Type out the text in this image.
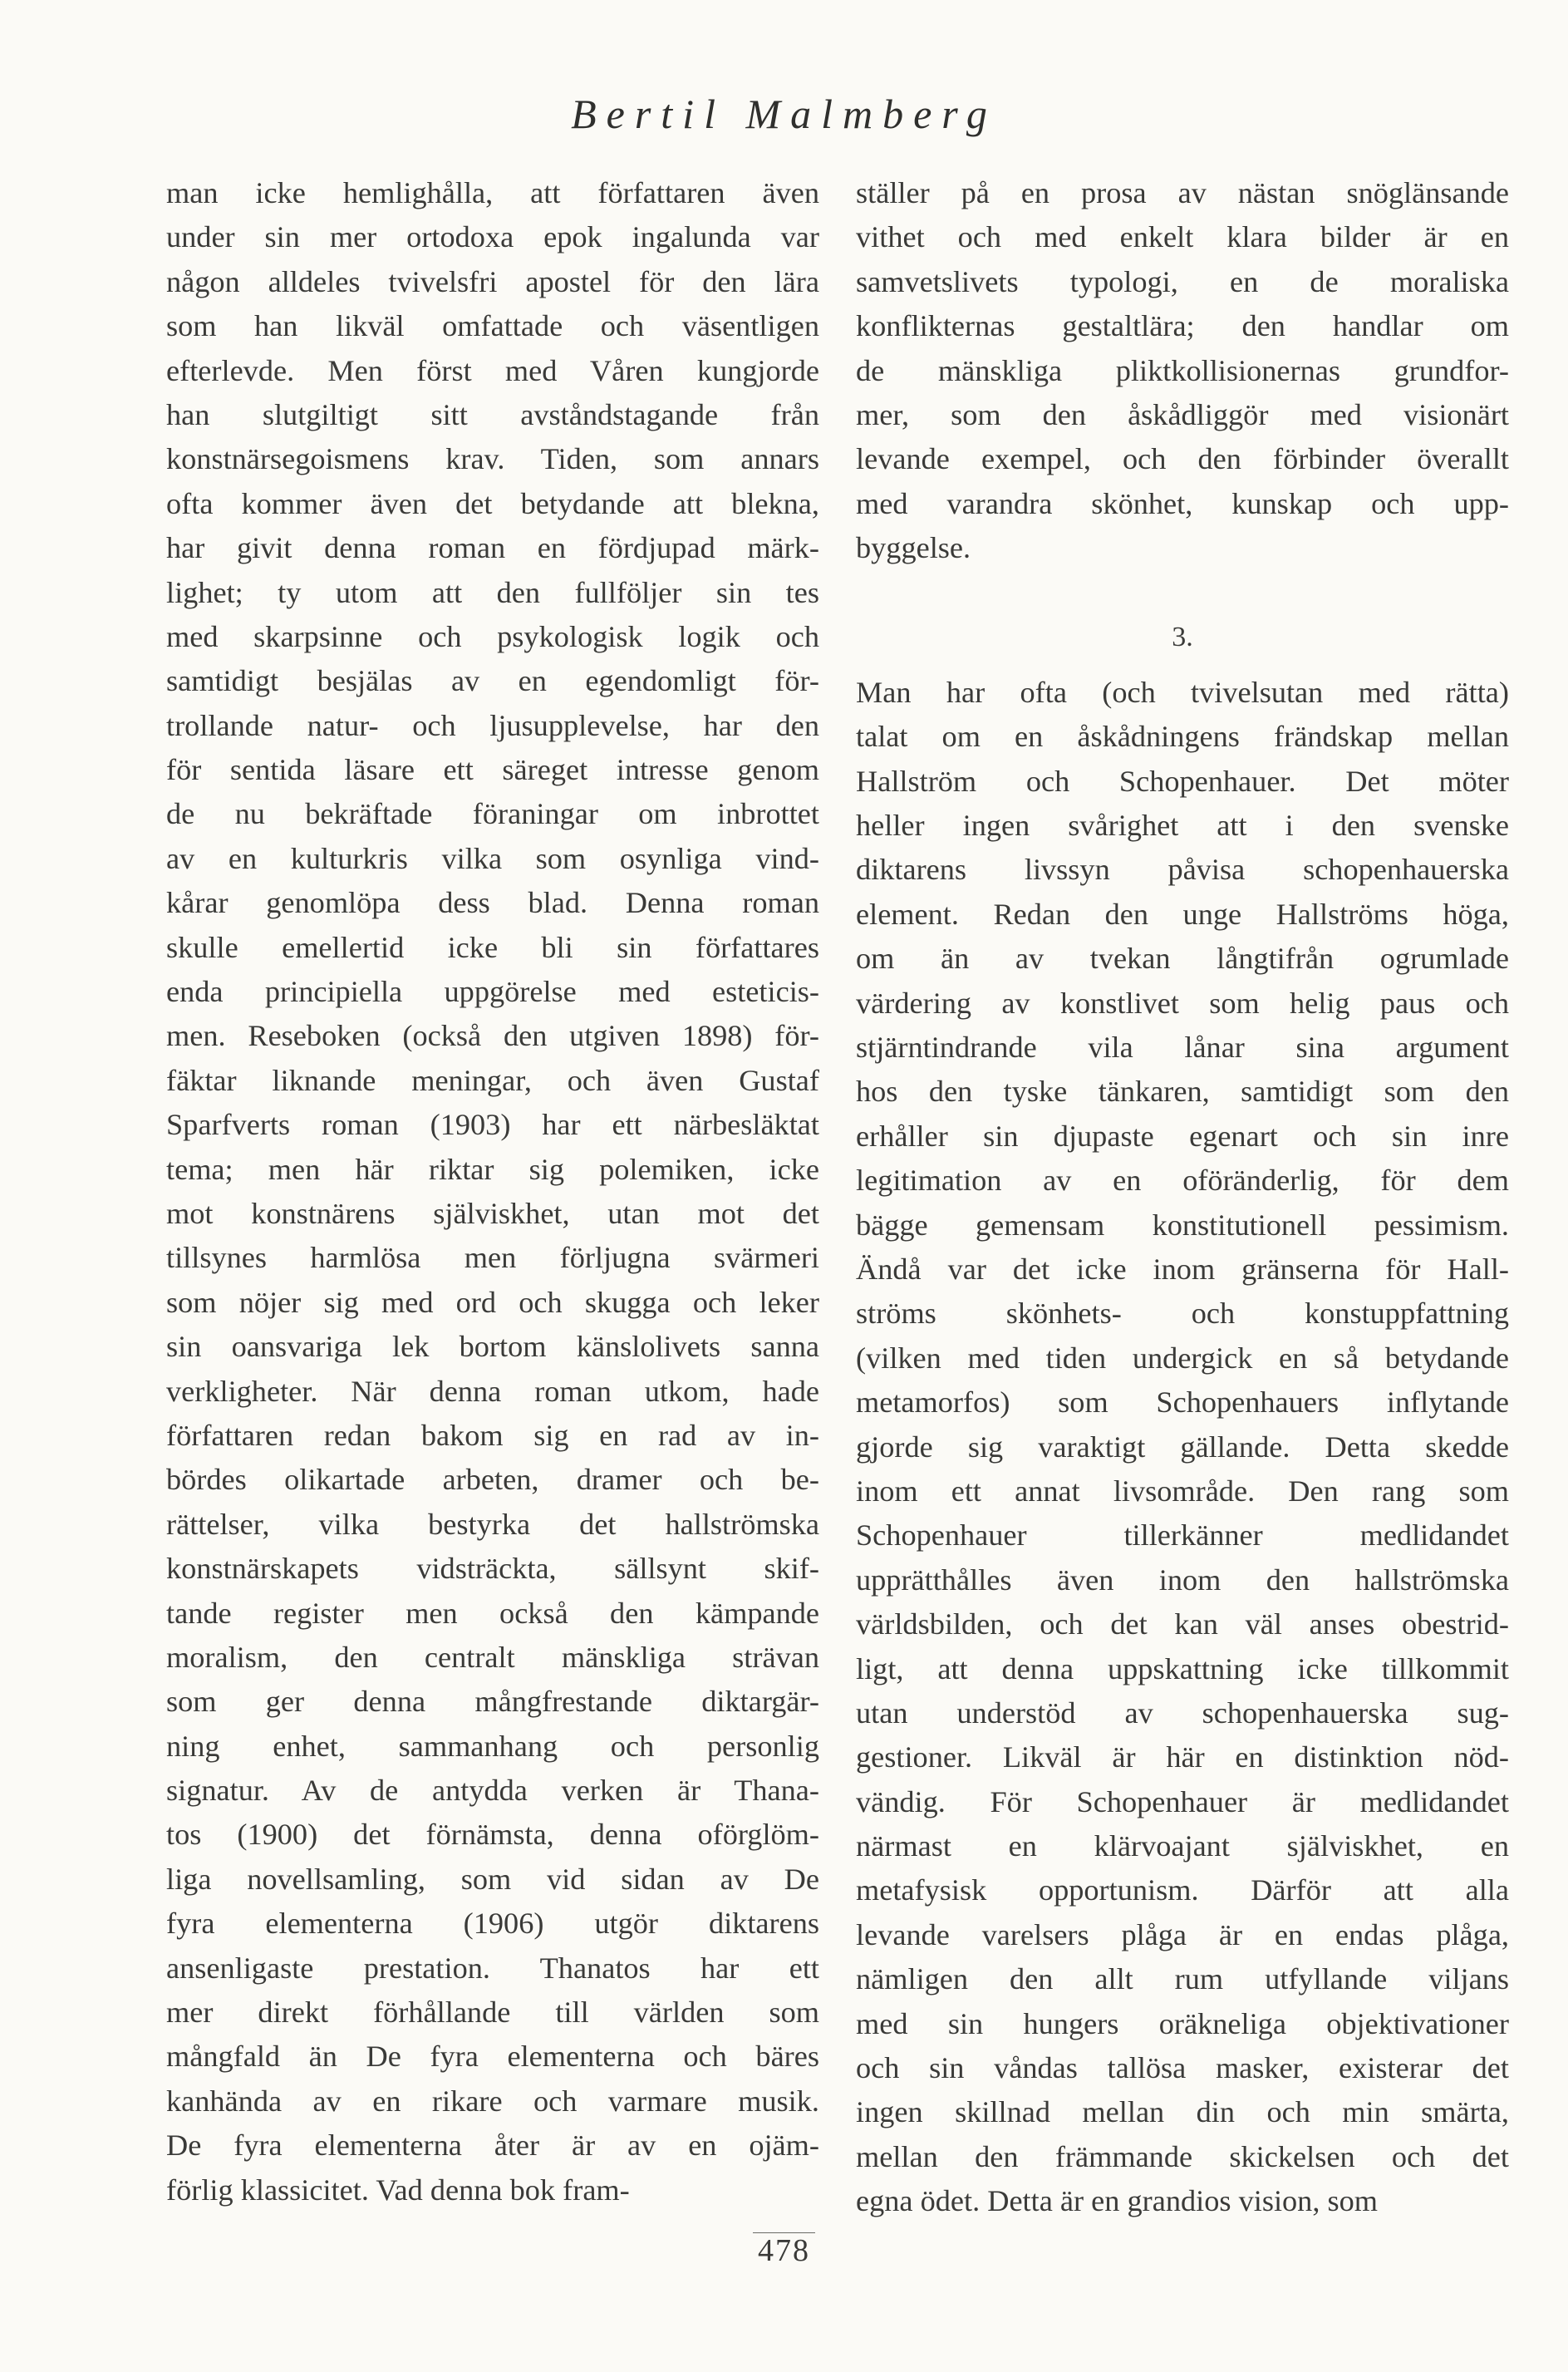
Bertil Malmberg
man icke hemlighålla, att författaren även
under sin mer ortodoxa epok ingalunda var
någon alldeles tvivelsfri apostel för den lära
som han likväl omfattade och väsentligen
efterlevde. Men först med Våren kungjorde
han slutgiltigt sitt avståndstagande från
konstnärsegoismens krav. Tiden, som annars
ofta kommer även det betydande att blekna,
har givit denna roman en fördjupad märk-
lighet; ty utom att den fullföljer sin tes
med skarpsinne och psykologisk logik och
samtidigt besjälas av en egendomligt för-
trollande natur- och ljusupplevelse, har den
för sentida läsare ett säreget intresse genom
de nu bekräftade föraningar om inbrottet
av en kulturkris vilka som osynliga vind-
kårar genomlöpa dess blad. Denna roman
skulle emellertid icke bli sin författares
enda principiella uppgörelse med esteticis-
men. Reseboken (också den utgiven 1898) för-
fäktar liknande meningar, och även Gustaf
Sparfverts roman (1903) har ett närbesläktat
tema; men här riktar sig polemiken, icke
mot konstnärens själviskhet, utan mot det
tillsynes harmlösa men förljugna svärmeri
som nöjer sig med ord och skugga och leker
sin oansvariga lek bortom känslolivets sanna
verkligheter. När denna roman utkom, hade
författaren redan bakom sig en rad av in-
bördes olikartade arbeten, dramer och be-
rättelser, vilka bestyrka det hallströmska
konstnärskapets vidsträckta, sällsynt skif-
tande register men också den kämpande
moralism, den centralt mänskliga strävan
som ger denna mångfrestande diktargär-
ning enhet, sammanhang och personlig
signatur. Av de antydda verken är Thana-
tos (1900) det förnämsta, denna oförglöm-
liga novellsamling, som vid sidan av De
fyra elementerna (1906) utgör diktarens
ansenligaste prestation. Thanatos har ett
mer direkt förhållande till världen som
mångfald än De fyra elementerna och bäres
kanhända av en rikare och varmare musik.
De fyra elementerna åter är av en ojäm-
förlig klassicitet. Vad denna bok fram-
ställer på en prosa av nästan snöglänsande
vithet och med enkelt klara bilder är en
samvetslivets typologi, en de moraliska
konflikternas gestaltlära; den handlar om
de mänskliga pliktkollisionernas grundfor-
mer, som den åskådliggör med visionärt
levande exempel, och den förbinder överallt
med varandra skönhet, kunskap och upp-
byggelse.
3.
Man har ofta (och tvivelsutan med rätta)
talat om en åskådningens frändskap mellan
Hallström och Schopenhauer. Det möter
heller ingen svårighet att i den svenske
diktarens livssyn påvisa schopenhauerska
element. Redan den unge Hallströms höga,
om än av tvekan långtifrån ogrumlade
värdering av konstlivet som helig paus och
stjärntindrande vila lånar sina argument
hos den tyske tänkaren, samtidigt som den
erhåller sin djupaste egenart och sin inre
legitimation av en oföränderlig, för dem
bägge gemensam konstitutionell pessimism.
Ändå var det icke inom gränserna för Hall-
ströms skönhets- och konstuppfattning
(vilken med tiden undergick en så betydande
metamorfos) som Schopenhauers inflytande
gjorde sig varaktigt gällande. Detta skedde
inom ett annat livsområde. Den rang som
Schopenhauer tillerkänner medlidandet
upprätthålles även inom den hallströmska
världsbilden, och det kan väl anses obestrid-
ligt, att denna uppskattning icke tillkommit
utan understöd av schopenhauerska sug-
gestioner. Likväl är här en distinktion nöd-
vändig. För Schopenhauer är medlidandet
närmast en klärvoajant själviskhet, en
metafysisk opportunism. Därför att alla
levande varelsers plåga är en endas plåga,
nämligen den allt rum utfyllande viljans
med sin hungers oräkneliga objektivationer
och sin våndas tallösa masker, existerar det
ingen skillnad mellan din och min smärta,
mellan den främmande skickelsen och det
egna ödet. Detta är en grandios vision, som
478
